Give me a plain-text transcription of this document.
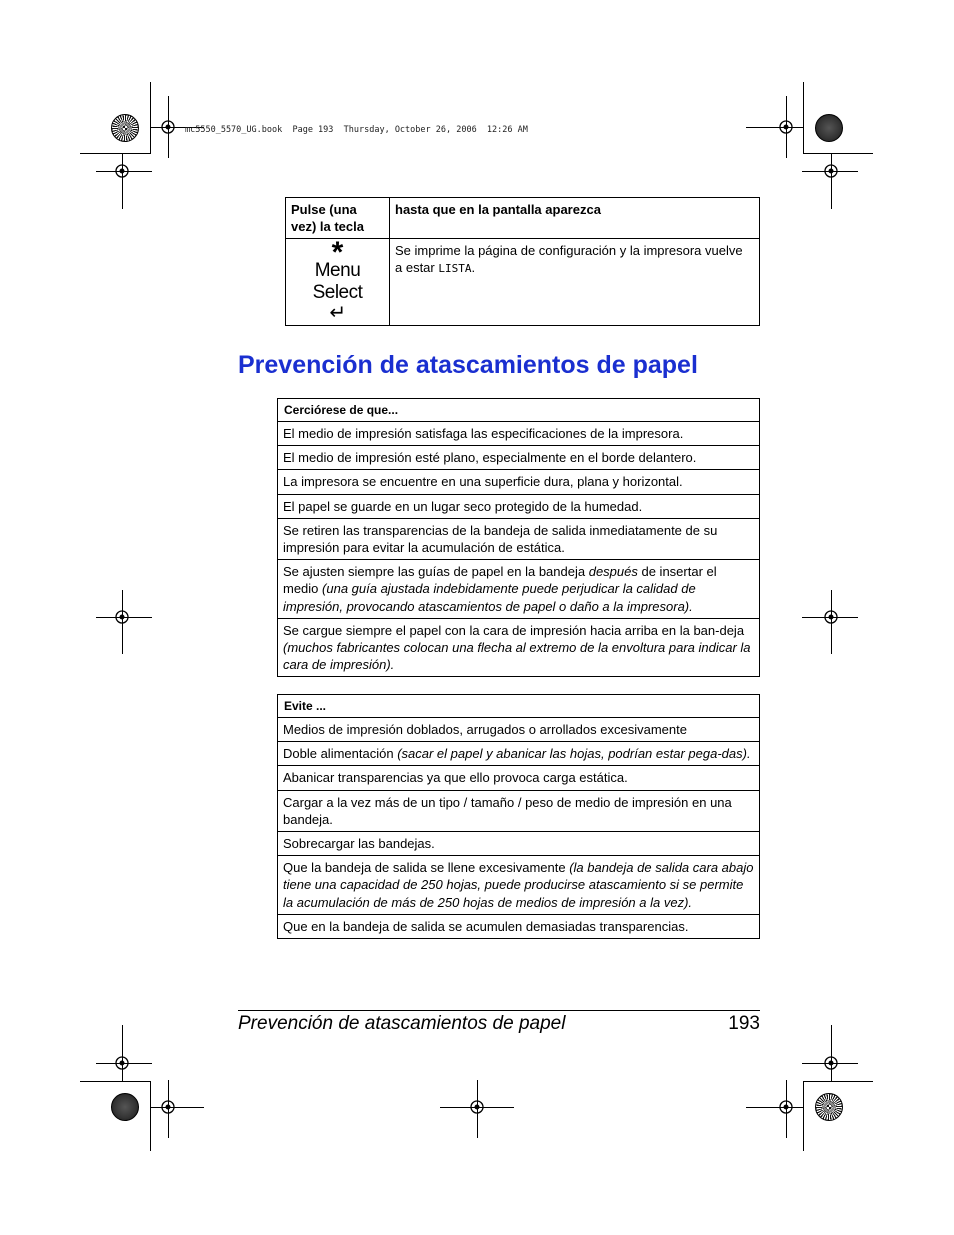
mc5550_5570_UG.book  Page 193  Thursday, October 26, 2006  12:26 AM
Pulse (una vez) la tecla	hasta que en la pantalla aparezca

*
Menu
Select
↵	Se imprime la página de configuración y la impresora vuelve
a estar LISTA.
Prevención de atascamientos de papel
Cerciórese de que...
El medio de impresión satisfaga las especificaciones de la impresora.
El medio de impresión esté plano, especialmente en el borde delantero.
La impresora se encuentre en una superficie dura, plana y horizontal.
El papel se guarde en un lugar seco protegido de la humedad.
Se retiren las transparencias de la bandeja de salida inmediatamente de su impresión para evitar la acumulación de estática.
Se ajusten siempre las guías de papel en la bandeja después de insertar el medio (una guía ajustada indebidamente puede perjudicar la calidad de impresión, provocando atascamientos de papel o daño a la impresora).
Se cargue siempre el papel con la cara de impresión hacia arriba en la ban-deja (muchos fabricantes colocan una flecha al extremo de la envoltura para indicar la cara de impresión).
Evite ...
Medios de impresión doblados, arrugados o arrollados excesivamente
Doble alimentación (sacar el papel y abanicar las hojas, podrían estar pega-das).
Abanicar transparencias ya que ello provoca carga estática.
Cargar a la vez más de un tipo / tamaño / peso de medio de impresión en una bandeja.
Sobrecargar las bandejas.
Que la bandeja de salida se llene excesivamente (la bandeja de salida cara abajo tiene una capacidad de 250 hojas, puede producirse atascamiento si se permite la acumulación de más de 250 hojas de medios de impresión a la vez).
Que en la bandeja de salida se acumulen demasiadas transparencias.
Prevención de atascamientos de papel	193
